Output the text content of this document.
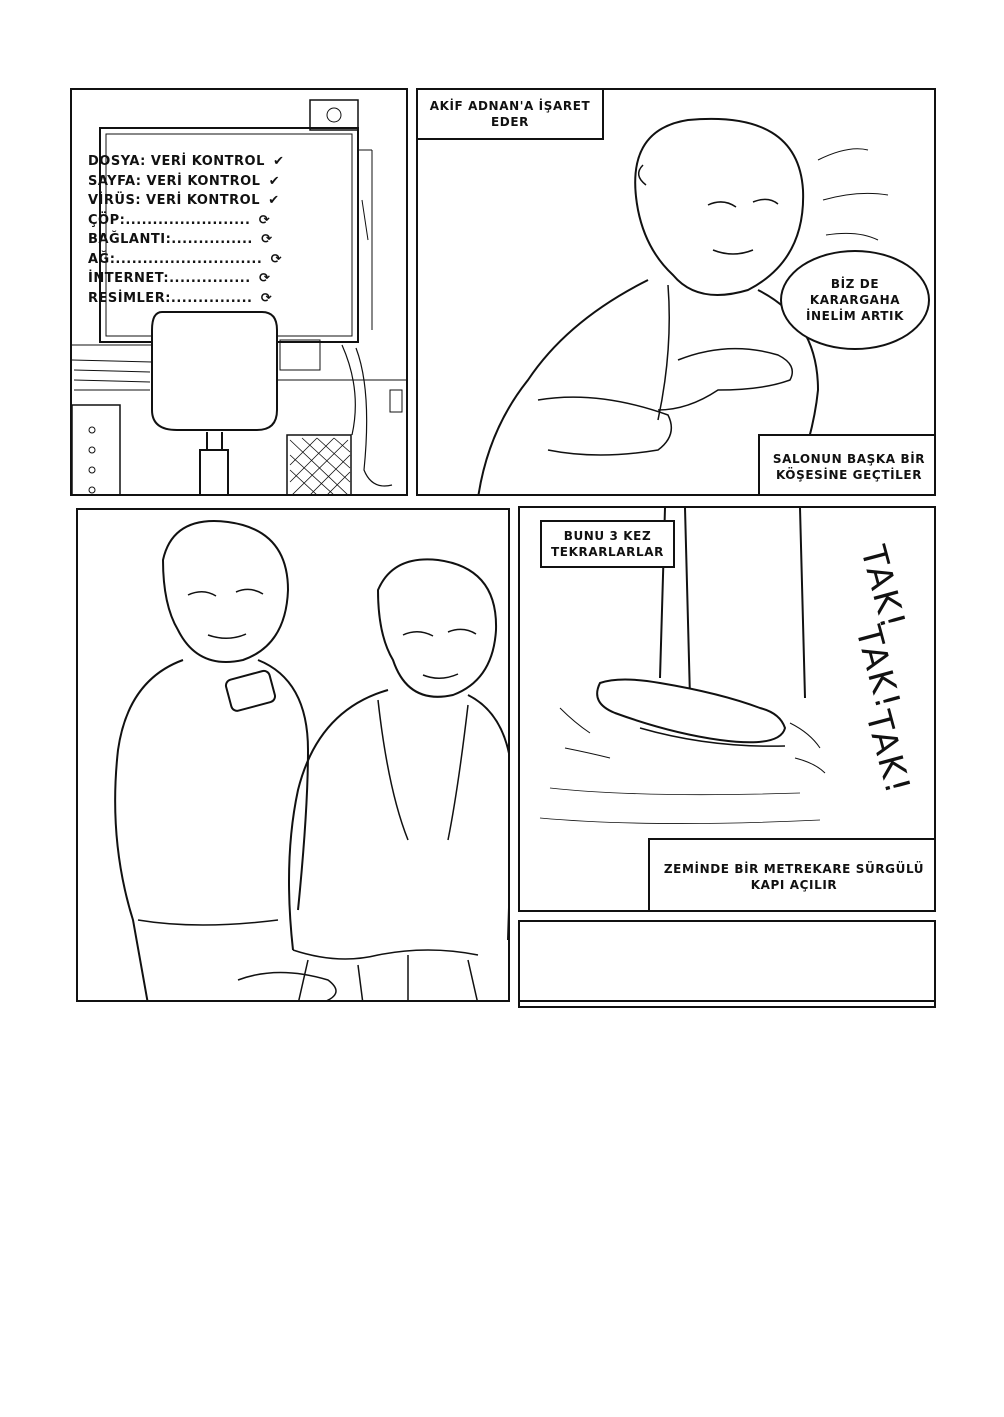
DOSYA: VERİ KONTROL ✔
SAYFA: VERİ KONTROL ✔
VİRÜS: VERİ KONTROL ✔
ÇÖP:....................... ⟳
BAĞLANTI:............... ⟳
AĞ:........................... ⟳
İNTERNET:............... ⟳
RESİMLER:............... ⟳
AKİF ADNAN'A İŞARET EDER
BİZ DE KARARGAHA İNELİM ARTIK
SALONUN BAŞKA BİR KÖŞESİNE GEÇTİLER
BUNU 3 KEZ TEKRARLARLAR	TAK!
TAK!
TAK!
ZEMİNDE BİR METREKARE SÜRGÜLÜ KAPI AÇILIR
